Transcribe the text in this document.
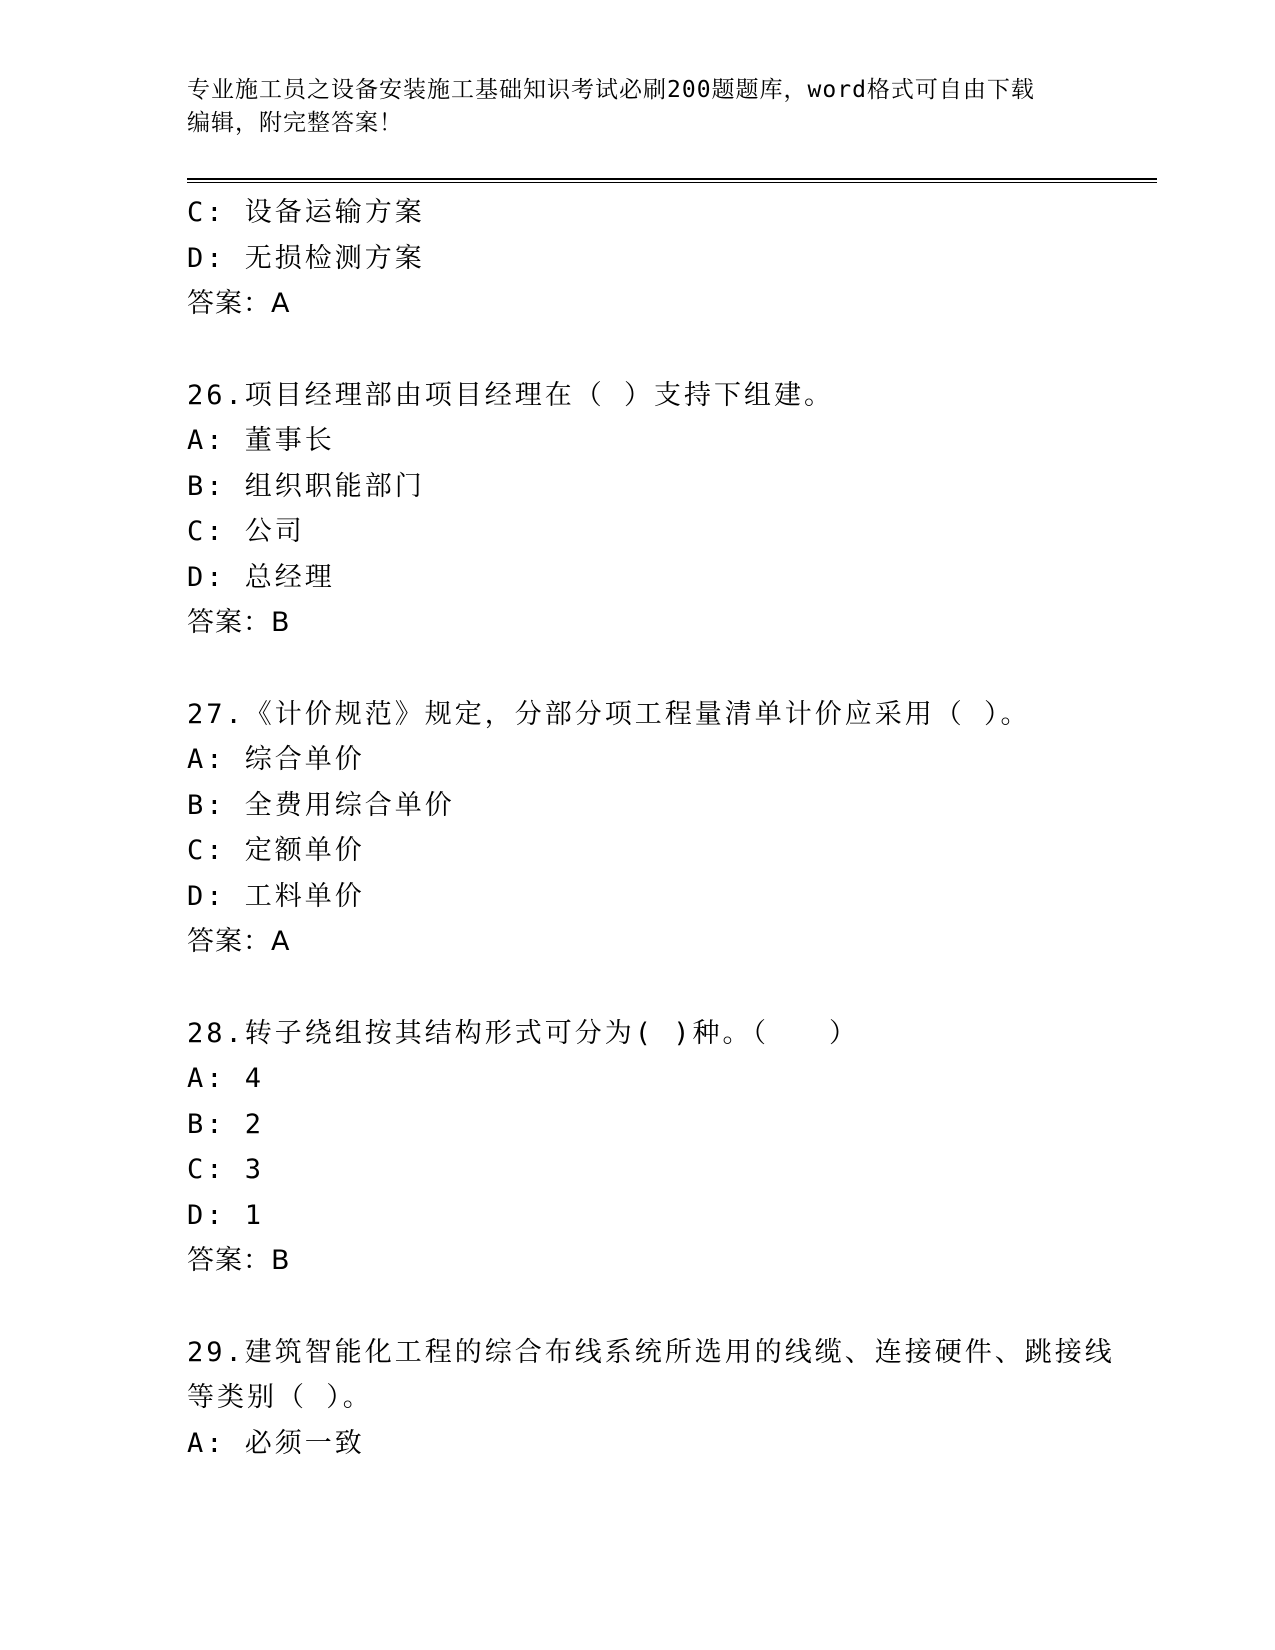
专业施工员之设备安装施工基础知识考试必刷200题题库，word格式可自由下载
编辑，附完整答案！
C: 设备运输方案
D: 无损检测方案
答案：A
26.项目经理部由项目经理在（ ）支持下组建。
A: 董事长
B: 组织职能部门
C: 公司
D: 总经理
答案：B
27.《计价规范》规定，分部分项工程量清单计价应采用（ ）。
A: 综合单价
B: 全费用综合单价
C: 定额单价
D: 工料单价
答案：A
28.转子绕组按其结构形式可分为( )种。（　　）
A: 4
B: 2
C: 3
D: 1
答案：B
29.建筑智能化工程的综合布线系统所选用的线缆、连接硬件、跳接线
等类别（ ）。
A: 必须一致
